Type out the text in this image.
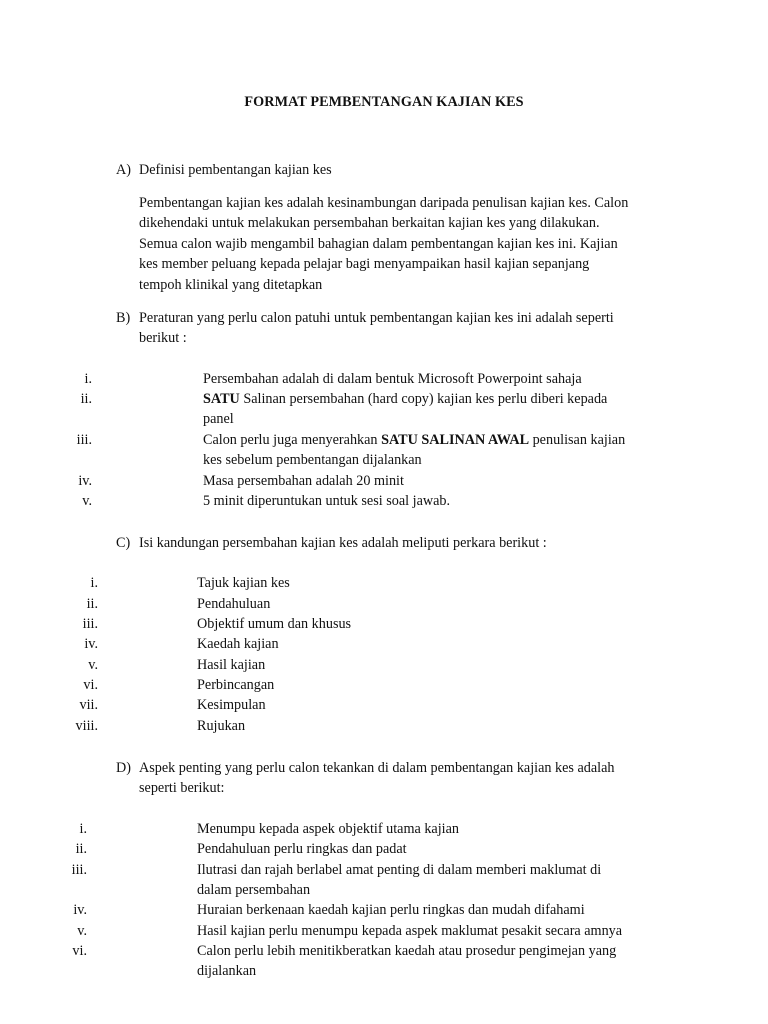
FORMAT PEMBENTANGAN KAJIAN KES
A) Definisi pembentangan kajian kes
Pembentangan kajian kes adalah kesinambungan daripada penulisan kajian kes. Calon
dikehendaki untuk melakukan persembahan berkaitan kajian kes yang dilakukan.
Semua calon wajib mengambil bahagian dalam pembentangan kajian kes ini. Kajian
kes member peluang kepada pelajar bagi menyampaikan hasil kajian sepanjang
tempoh klinikal yang ditetapkan
B) Peraturan yang perlu calon patuhi untuk pembentangan kajian kes ini adalah seperti
berikut :
i.	Persembahan adalah di dalam bentuk Microsoft Powerpoint sahaja
ii.	SATU Salinan persembahan (hard copy) kajian kes perlu diberi kepada
panel
iii.	Calon perlu juga menyerahkan SATU SALINAN AWAL penulisan kajian
kes sebelum pembentangan dijalankan
iv.	Masa persembahan adalah 20 minit
v.	5 minit diperuntukan untuk sesi soal jawab.
C) Isi kandungan persembahan kajian kes adalah meliputi perkara berikut :
i.	Tajuk kajian kes
ii.	Pendahuluan
iii.	Objektif umum dan khusus
iv.	Kaedah kajian
v.	Hasil kajian
vi.	Perbincangan
vii.	Kesimpulan
viii.	Rujukan
D) Aspek penting yang perlu calon tekankan di dalam pembentangan kajian kes adalah
seperti berikut:
i.	Menumpu kepada aspek objektif utama kajian
ii.	Pendahuluan perlu ringkas dan padat
iii.	Ilutrasi dan rajah berlabel amat penting di dalam memberi maklumat di
dalam persembahan
iv.	Huraian berkenaan kaedah kajian perlu ringkas dan mudah difahami
v.	Hasil kajian perlu menumpu kepada aspek maklumat pesakit secara amnya
vi.	Calon perlu lebih menitikberatkan kaedah atau prosedur pengimejan yang
dijalankan
